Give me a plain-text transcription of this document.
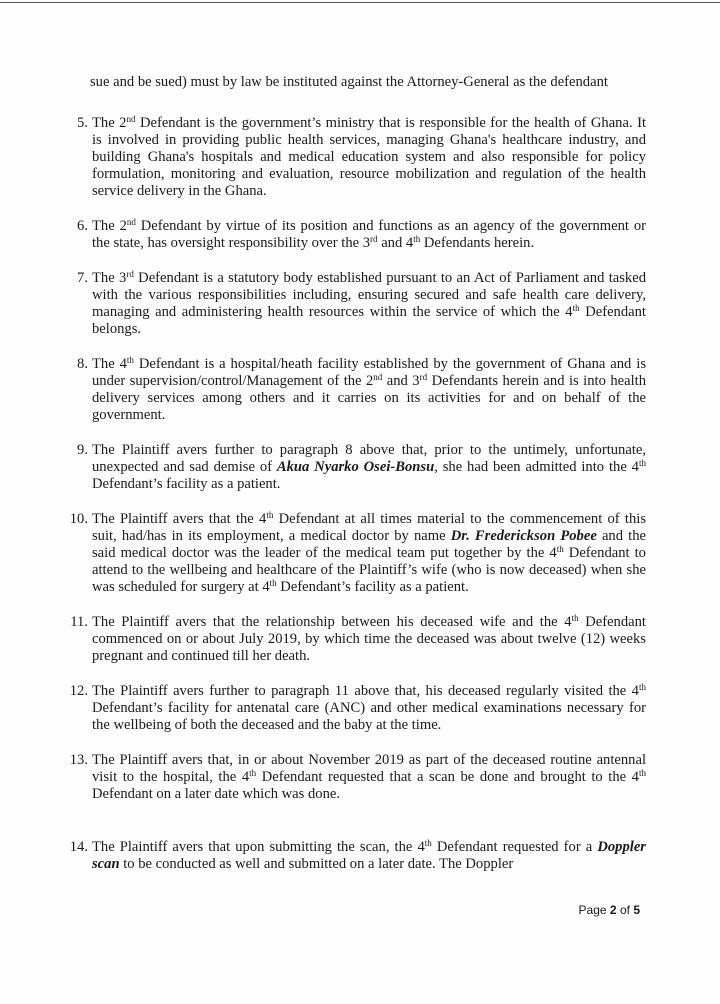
sue and be sued) must by law be instituted against the Attorney-General as the defendant

5. The 2nd Defendant is the government’s ministry that is responsible for the health of Ghana. It is involved in providing public health services, managing Ghana's healthcare industry, and building Ghana's hospitals and medical education system and also responsible for policy formulation, monitoring and evaluation, resource mobilization and regulation of the health service delivery in the Ghana.
6. The 2nd Defendant by virtue of its position and functions as an agency of the government or the state, has oversight responsibility over the 3rd and 4th Defendants herein.
7. The 3rd Defendant is a statutory body established pursuant to an Act of Parliament and tasked with the various responsibilities including, ensuring secured and safe health care delivery, managing and administering health resources within the service of which the 4th Defendant belongs.
8. The 4th Defendant is a hospital/heath facility established by the government of Ghana and is under supervision/control/Management of the 2nd and 3rd Defendants herein and is into health delivery services among others and it carries on its activities for and on behalf of the government.
9. The Plaintiff avers further to paragraph 8 above that, prior to the untimely, unfortunate, unexpected and sad demise of Akua Nyarko Osei-Bonsu, she had been admitted into the 4th Defendant’s facility as a patient.
10. The Plaintiff avers that the 4th Defendant at all times material to the commencement of this suit, had/has in its employment, a medical doctor by name Dr. Frederickson Pobee and the said medical doctor was the leader of the medical team put together by the 4th Defendant to attend to the wellbeing and healthcare of the Plaintiff’s wife (who is now deceased) when she was scheduled for surgery at 4th Defendant’s facility as a patient.
11. The Plaintiff avers that the relationship between his deceased wife and the 4th Defendant commenced on or about July 2019, by which time the deceased was about twelve (12) weeks pregnant and continued till her death.
12. The Plaintiff avers further to paragraph 11 above that, his deceased regularly visited the 4th Defendant’s facility for antenatal care (ANC) and other medical examinations necessary for the wellbeing of both the deceased and the baby at the time.
13. The Plaintiff avers that, in or about November 2019 as part of the deceased routine antennal visit to the hospital, the 4th Defendant requested that a scan be done and brought to the 4th Defendant on a later date which was done.
14. The Plaintiff avers that upon submitting the scan, the 4th Defendant requested for a Doppler scan to be conducted as well and submitted on a later date. The Doppler
Page 2 of 5
